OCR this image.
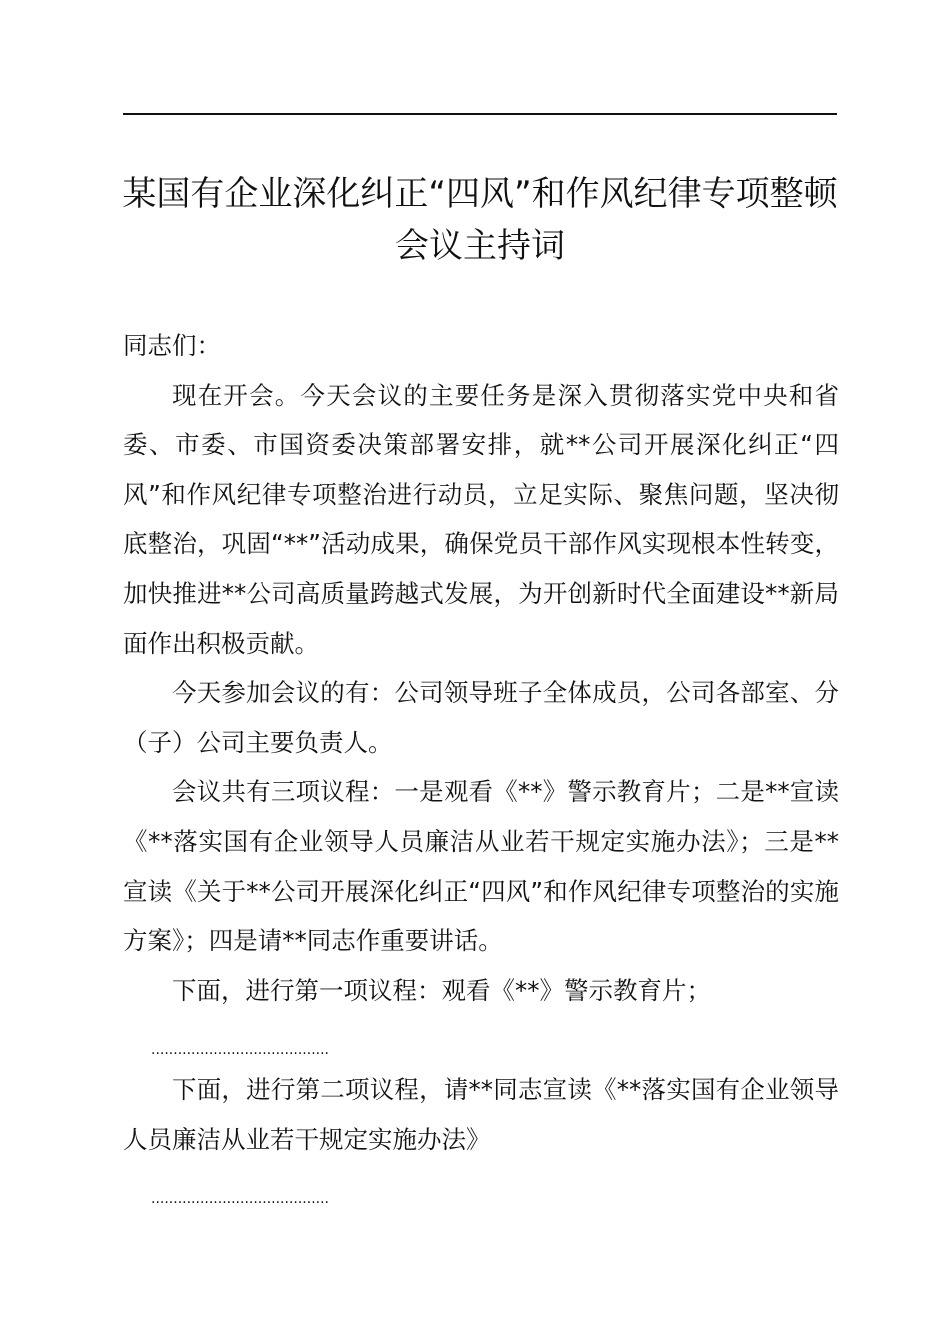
某国有企业深化纠正“四风”和作风纪律专项整顿会议主持词

同志们：

现在开会。今天会议的主要任务是深入贯彻落实党中央和省委、市委、市国资委决策部署安排，就**公司开展深化纠正“四风”和作风纪律专项整治进行动员，立足实际、聚焦问题，坚决彻底整治，巩固“**”活动成果，确保党员干部作风实现根本性转变，加快推进**公司高质量跨越式发展，为开创新时代全面建设**新局面作出积极贡献。

今天参加会议的有：公司领导班子全体成员，公司各部室、分（子）公司主要负责人。

会议共有三项议程：一是观看《**》警示教育片；二是**宣读《**落实国有企业领导人员廉洁从业若干规定实施办法》；三是**宣读《关于**公司开展深化纠正“四风”和作风纪律专项整治的实施方案》；四是请**同志作重要讲话。

下面，进行第一项议程：观看《**》警示教育片；

........................................

下面，进行第二项议程，请**同志宣读《**落实国有企业领导人员廉洁从业若干规定实施办法》

........................................
